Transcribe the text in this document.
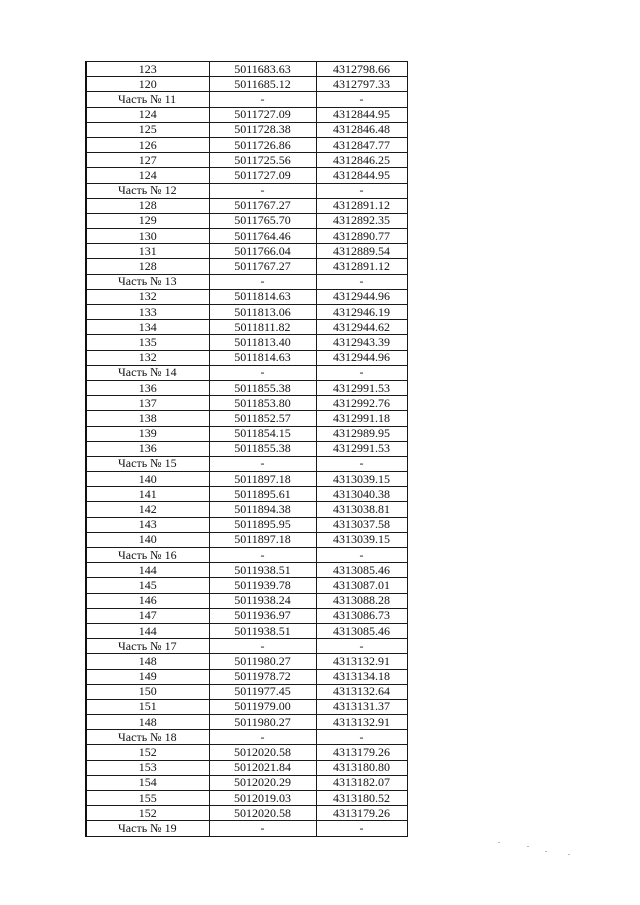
123	5011683.63	4312798.66
120	5011685.12	4312797.33
Часть № 11	-	-
124	5011727.09	4312844.95
125	5011728.38	4312846.48
126	5011726.86	4312847.77
127	5011725.56	4312846.25
124	5011727.09	4312844.95
Часть № 12	-	-
128	5011767.27	4312891.12
129	5011765.70	4312892.35
130	5011764.46	4312890.77
131	5011766.04	4312889.54
128	5011767.27	4312891.12
Часть № 13	-	-
132	5011814.63	4312944.96
133	5011813.06	4312946.19
134	5011811.82	4312944.62
135	5011813.40	4312943.39
132	5011814.63	4312944.96
Часть № 14	-	-
136	5011855.38	4312991.53
137	5011853.80	4312992.76
138	5011852.57	4312991.18
139	5011854.15	4312989.95
136	5011855.38	4312991.53
Часть № 15	-	-
140	5011897.18	4313039.15
141	5011895.61	4313040.38
142	5011894.38	4313038.81
143	5011895.95	4313037.58
140	5011897.18	4313039.15
Часть № 16	-	-
144	5011938.51	4313085.46
145	5011939.78	4313087.01
146	5011938.24	4313088.28
147	5011936.97	4313086.73
144	5011938.51	4313085.46
Часть № 17	-	-
148	5011980.27	4313132.91
149	5011978.72	4313134.18
150	5011977.45	4313132.64
151	5011979.00	4313131.37
148	5011980.27	4313132.91
Часть № 18	-	-
152	5012020.58	4313179.26
153	5012021.84	4313180.80
154	5012020.29	4313182.07
155	5012019.03	4313180.52
152	5012020.58	4313179.26
Часть № 19	-	-
